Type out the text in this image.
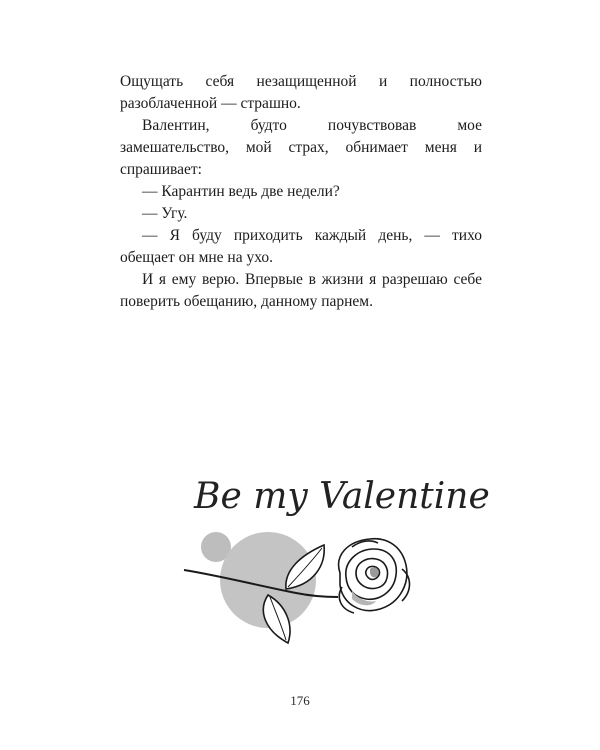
Ощущать себя незащищенной и полностью разоблаченной — страшно.

Валентин, будто почувствовав мое замешательство, мой страх, обнимает меня и спрашивает:

— Карантин ведь две недели?

— Угу.

— Я буду приходить каждый день, — тихо обещает он мне на ухо.

И я ему верю. Впервые в жизни я разрешаю себе поверить обещанию, данному парнем.

Be my Valentine
176
